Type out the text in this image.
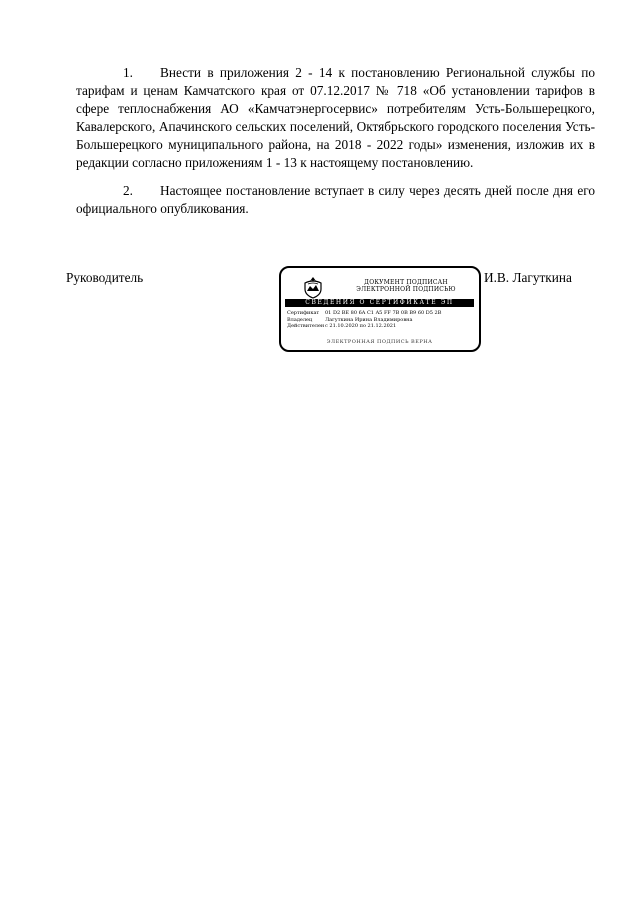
1. Внести в приложения 2 - 14 к постановлению Региональной службы по тарифам и ценам Камчатского края от 07.12.2017 № 718 «Об установлении тарифов в сфере теплоснабжения АО «Камчатэнергосервис» потребителям Усть-Большерецкого, Кавалерского, Апачинского сельских поселений, Октябрьского городского поселения Усть-Большерецкого муниципального района, на 2018 - 2022 годы» изменения, изложив их в редакции согласно приложениям 1 - 13 к настоящему постановлению.

2. Настоящее постановление вступает в силу через десять дней после дня его официального опубликования.

Руководитель	ДОКУМЕНТ ПОДПИСАН
ЭЛЕКТРОННОЙ ПОДПИСЬЮ
СВЕДЕНИЯ О СЕРТИФИКАТЕ ЭП
Сертификат	01 D2 BE 80 6A C1 A5 FF 7B 0B B9 60 D5 2B
Владелец	Лагуткина Ирина Владимировна
Действителен с 21.10.2020 по 21.12.2021
ЭЛЕКТРОННАЯ ПОДПИСЬ ВЕРНА
И.В. Лагуткина
